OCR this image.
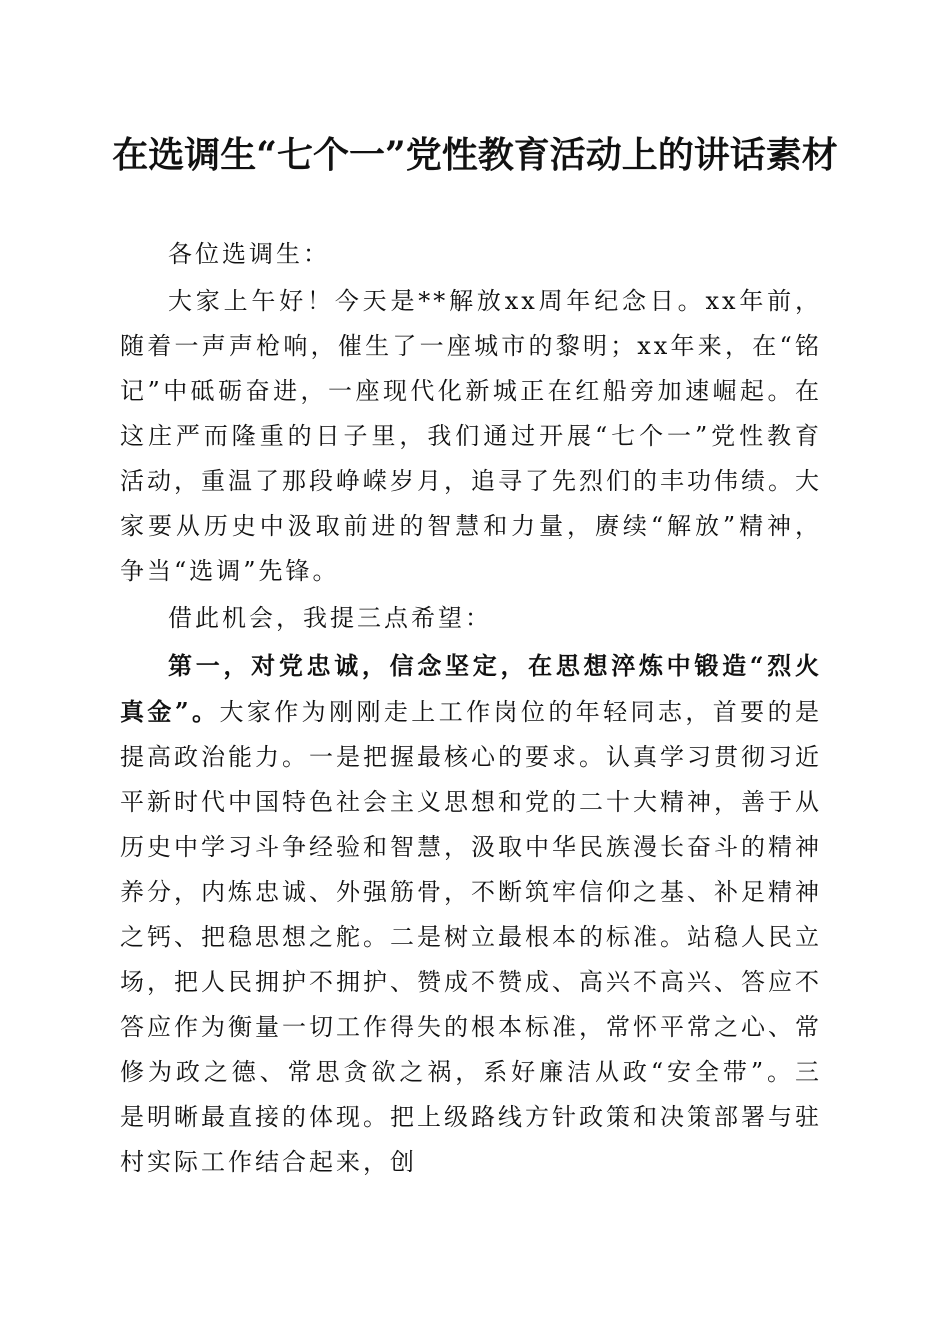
在选调生“七个一”党性教育活动上的讲话素材

各位选调生：

大家上午好！今天是**解放xx周年纪念日。xx年前，随着一声声枪响，催生了一座城市的黎明；xx年来，在“铭记”中砥砺奋进，一座现代化新城正在红船旁加速崛起。在这庄严而隆重的日子里，我们通过开展“七个一”党性教育活动，重温了那段峥嵘岁月，追寻了先烈们的丰功伟绩。大家要从历史中汲取前进的智慧和力量，赓续“解放”精神，争当“选调”先锋。

借此机会，我提三点希望：

第一，对党忠诚，信念坚定，在思想淬炼中锻造“烈火真金”。大家作为刚刚走上工作岗位的年轻同志，首要的是提高政治能力。一是把握最核心的要求。认真学习贯彻习近平新时代中国特色社会主义思想和党的二十大精神，善于从历史中学习斗争经验和智慧，汲取中华民族漫长奋斗的精神养分，内炼忠诚、外强筋骨，不断筑牢信仰之基、补足精神之钙、把稳思想之舵。二是树立最根本的标准。站稳人民立场，把人民拥护不拥护、赞成不赞成、高兴不高兴、答应不答应作为衡量一切工作得失的根本标准，常怀平常之心、常修为政之德、常思贪欲之祸，系好廉洁从政“安全带”。三是明晰最直接的体现。把上级路线方针政策和决策部署与驻村实际工作结合起来，创
